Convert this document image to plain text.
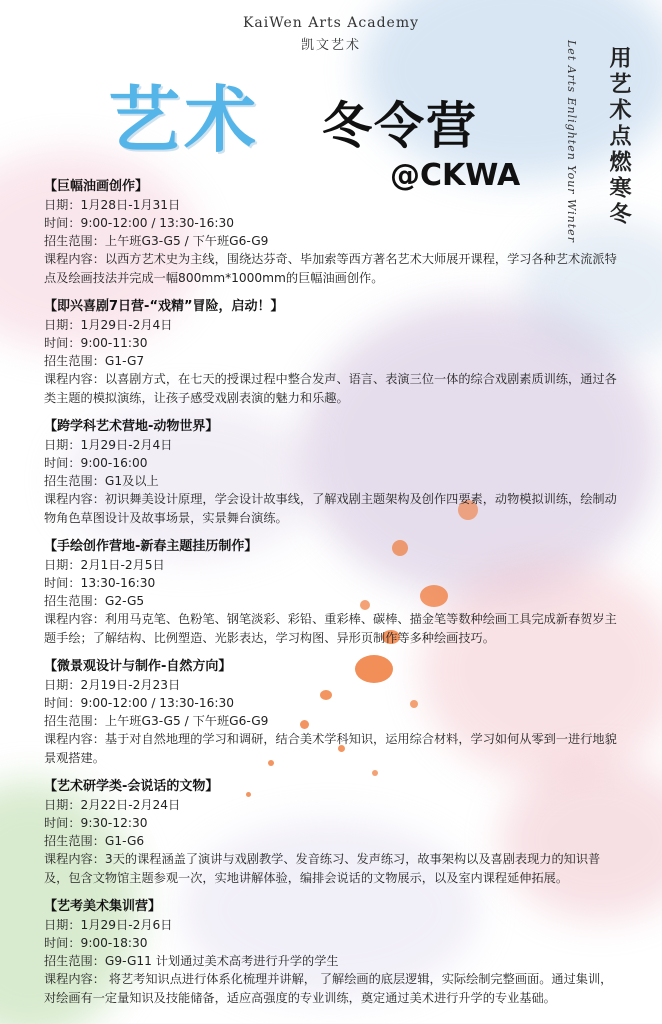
KaiWen Arts Academy
凯文艺术
艺术 冬令营
@CKWA	Let Arts Enlighten Your Winter 用艺术点燃寒冬
【巨幅油画创作】
日期：1月28日-1月31日
时间：9:00-12:00 / 13:30-16:30
招生范围：上午班G3-G5 / 下午班G6-G9
课程内容：以西方艺术史为主线，围绕达芬奇、毕加索等西方著名艺术大师展开课程，学习各种艺术流派特点及绘画技法并完成一幅800mm*1000mm的巨幅油画创作。
【即兴喜剧7日营-“戏精”冒险，启动！】
日期：1月29日-2月4日
时间：9:00-11:30
招生范围：G1-G7
课程内容：以喜剧方式，在七天的授课过程中整合发声、语言、表演三位一体的综合戏剧素质训练，通过各类主题的模拟演练，让孩子感受戏剧表演的魅力和乐趣。
【跨学科艺术营地-动物世界】
日期：1月29日-2月4日
时间：9:00-16:00
招生范围：G1及以上
课程内容：初识舞美设计原理，学会设计故事线，了解戏剧主题架构及创作四要素，动物模拟训练，绘制动物角色草图设计及故事场景，实景舞台演练。
【手绘创作营地-新春主题挂历制作】
日期：2月1日-2月5日
时间：13:30-16:30
招生范围：G2-G5
课程内容：利用马克笔、色粉笔、钢笔淡彩、彩铅、重彩棒、碳棒、描金笔等数种绘画工具完成新春贺岁主题手绘；了解结构、比例塑造、光影表达，学习构图、异形页制作等多种绘画技巧。
【微景观设计与制作-自然方向】
日期：2月19日-2月23日
时间：9:00-12:00 / 13:30-16:30
招生范围：上午班G3-G5 / 下午班G6-G9
课程内容：基于对自然地理的学习和调研，结合美术学科知识，运用综合材料，学习如何从零到一进行地貌景观搭建。
【艺术研学类-会说话的文物】
日期：2月22日-2月24日
时间：9:30-12:30
招生范围：G1-G6
课程内容：3天的课程涵盖了演讲与戏剧教学、发音练习、发声练习，故事架构以及喜剧表现力的知识普及，包含文物馆主题参观一次，实地讲解体验，编排会说话的文物展示，以及室内课程延伸拓展。
【艺考美术集训营】
日期：1月29日-2月6日
时间：9:00-18:30
招生范围：G9-G11 计划通过美术高考进行升学的学生
课程内容： 将艺考知识点进行体系化梳理并讲解， 了解绘画的底层逻辑，实际绘制完整画面。通过集训，对绘画有一定量知识及技能储备，适应高强度的专业训练，奠定通过美术进行升学的专业基础。
